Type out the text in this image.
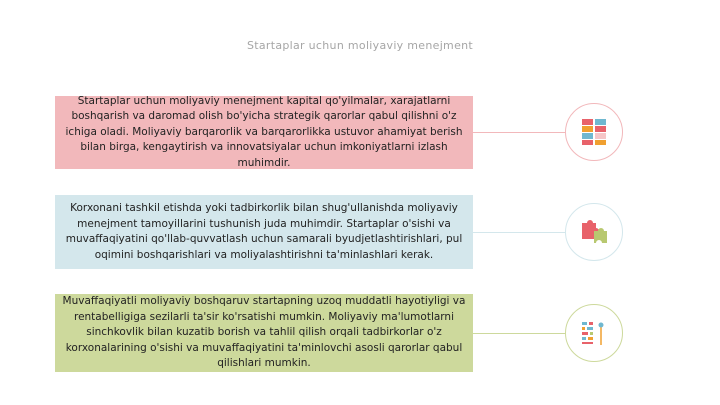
Startaplar uchun moliyaviy menejment
Startaplar uchun moliyaviy menejment kapital qo'yilmalar, xarajatlarni boshqarish va daromad olish bo'yicha strategik qarorlar qabul qilishni o'z ichiga oladi. Moliyaviy barqarorlik va barqarorlikka ustuvor ahamiyat berish bilan birga, kengaytirish va innovatsiyalar uchun imkoniyatlarni izlash muhimdir.
Korxonani tashkil etishda yoki tadbirkorlik bilan shug'ullanishda moliyaviy menejment tamoyillarini tushunish juda muhimdir. Startaplar o'sishi va muvaffaqiyatini qo'llab-quvvatlash uchun samarali byudjetlashtirishlari, pul oqimini boshqarishlari va moliyalashtirishni ta'minlashlari kerak.
Muvaffaqiyatli moliyaviy boshqaruv startapning uzoq muddatli hayotiyligi va rentabelligiga sezilarli ta'sir ko'rsatishi mumkin. Moliyaviy ma'lumotlarni sinchkovlik bilan kuzatib borish va tahlil qilish orqali tadbirkorlar o'z korxonalarining o'sishi va muvaffaqiyatini ta'minlovchi asosli qarorlar qabul qilishlari mumkin.
